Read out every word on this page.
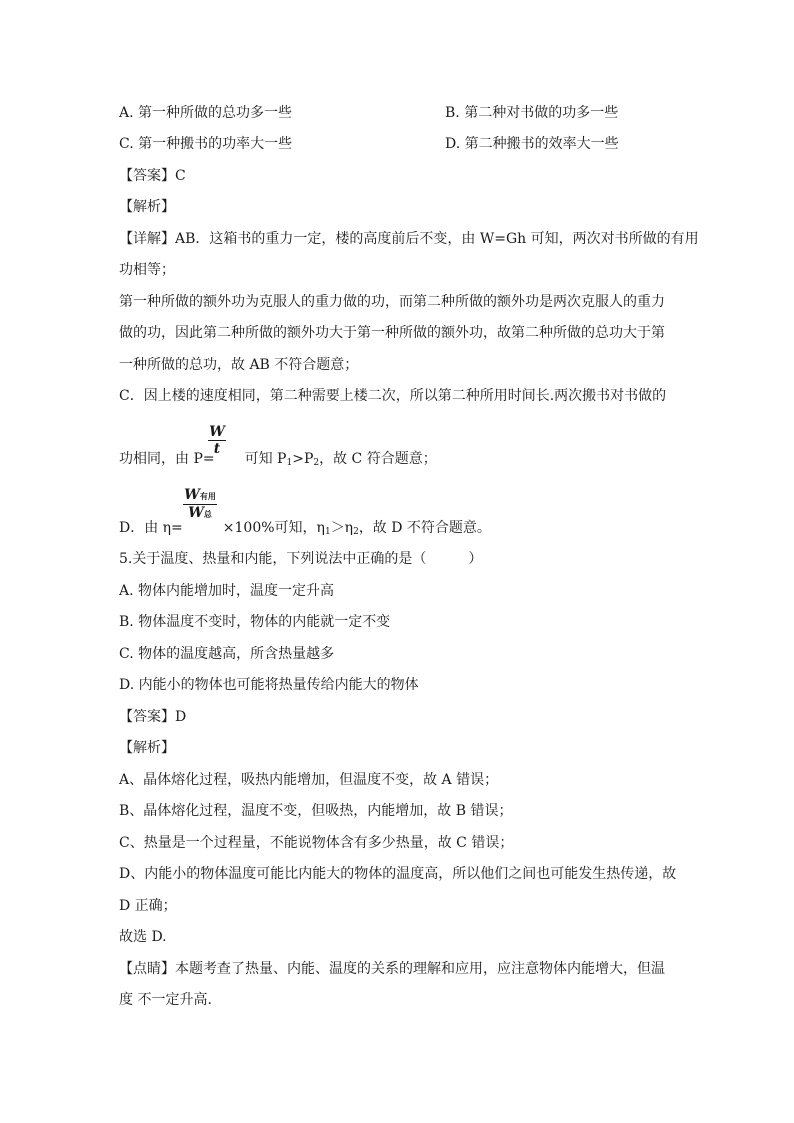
A. 第一种所做的总功多一些	B. 第二种对书做的功多一些
C. 第一种搬书的功率大一些	D. 第二种搬书的效率大一些
【答案】C
【解析】
【详解】AB．这箱书的重力一定，楼的高度前后不变，由 W=Gh 可知，两次对书所做的有用
功相等；
第一种所做的额外功为克服人的重力做的功，而第二种所做的额外功是两次克服人的重力
做的功，因此第二种所做的额外功大于第一种所做的额外功，故第二种所做的总功大于第
一种所做的总功，故 AB 不符合题意；
C．因上楼的速度相同，第二种需要上楼二次，所以第二种所用时间长.两次搬书对书做的
W
t
功相同，由 P= 可知 P1>P2，故 C 符合题意；
W有用
W总
D．由 η=	×100%可知，η1＞η2，故 D 不符合题意。
5.关于温度、热量和内能，下列说法中正确的是（　　　）
A. 物体内能增加时，温度一定升高
B. 物体温度不变时，物体的内能就一定不变
C. 物体的温度越高，所含热量越多
D. 内能小的物体也可能将热量传给内能大的物体
【答案】D
【解析】
A、晶体熔化过程，吸热内能增加，但温度不变，故 A 错误；
B、晶体熔化过程，温度不变，但吸热，内能增加，故 B 错误；
C、热量是一个过程量，不能说物体含有多少热量，故 C 错误；
D、内能小的物体温度可能比内能大的物体的温度高，所以他们之间也可能发生热传递，故
D 正确；
故选 D.
【点睛】本题考查了热量、内能、温度的关系的理解和应用，应注意物体内能增大，但温
度 不一定升高.
